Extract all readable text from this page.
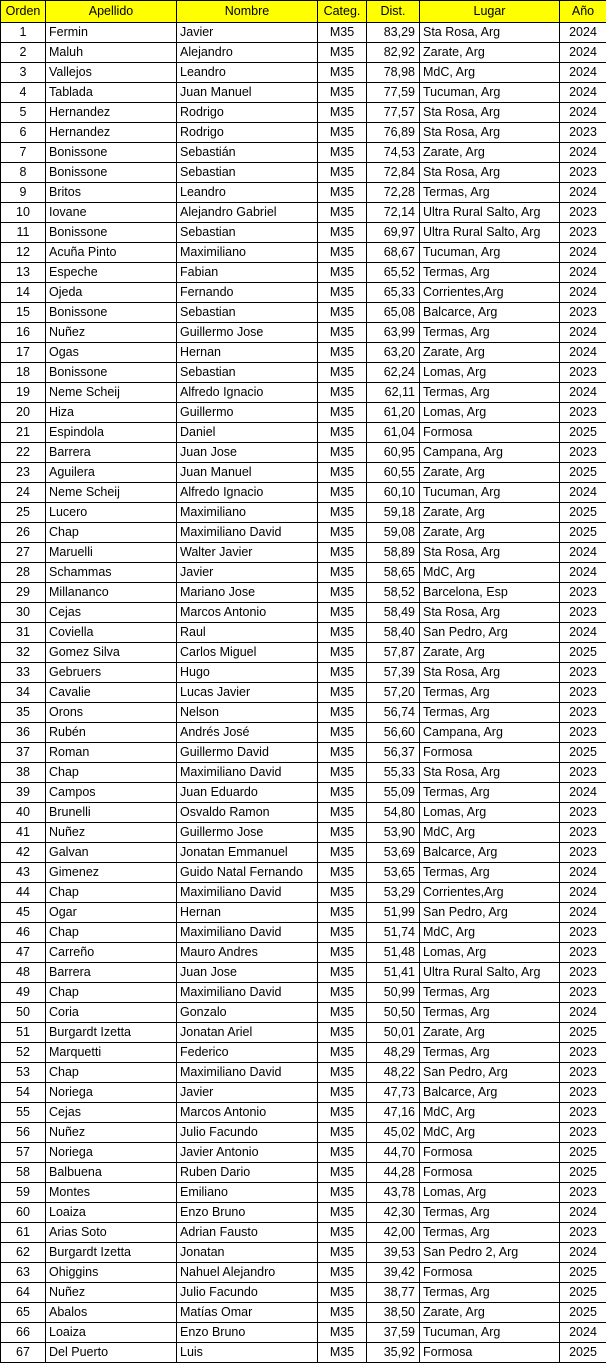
Orden	Apellido	Nombre	Categ.	Dist.	Lugar	Año
1	Fermin	Javier	M35	83,29	Sta Rosa, Arg	2024
2	Maluh	Alejandro	M35	82,92	Zarate, Arg	2024
3	Vallejos	Leandro	M35	78,98	MdC, Arg	2024
4	Tablada	Juan Manuel	M35	77,59	Tucuman, Arg	2024
5	Hernandez	Rodrigo	M35	77,57	Sta Rosa, Arg	2024
6	Hernandez	Rodrigo	M35	76,89	Sta Rosa, Arg	2023
7	Bonissone	Sebastián	M35	74,53	Zarate, Arg	2024
8	Bonissone	Sebastian	M35	72,84	Sta Rosa, Arg	2023
9	Britos	Leandro	M35	72,28	Termas, Arg	2024
10	Iovane	Alejandro Gabriel	M35	72,14	Ultra Rural Salto, Arg	2023
11	Bonissone	Sebastian	M35	69,97	Ultra Rural Salto, Arg	2023
12	Acuña Pinto	Maximiliano	M35	68,67	Tucuman, Arg	2024
13	Espeche	Fabian	M35	65,52	Termas, Arg	2024
14	Ojeda	Fernando	M35	65,33	Corrientes,Arg	2024
15	Bonissone	Sebastian	M35	65,08	Balcarce, Arg	2023
16	Nuñez	Guillermo Jose	M35	63,99	Termas, Arg	2024
17	Ogas	Hernan	M35	63,20	Zarate, Arg	2024
18	Bonissone	Sebastian	M35	62,24	Lomas, Arg	2023
19	Neme Scheij	Alfredo Ignacio	M35	62,11	Termas, Arg	2024
20	Hiza	Guillermo	M35	61,20	Lomas, Arg	2023
21	Espindola	Daniel	M35	61,04	Formosa	2025
22	Barrera	Juan Jose	M35	60,95	Campana, Arg	2023
23	Aguilera	Juan Manuel	M35	60,55	Zarate, Arg	2025
24	Neme Scheij	Alfredo Ignacio	M35	60,10	Tucuman, Arg	2024
25	Lucero	Maximiliano	M35	59,18	Zarate, Arg	2025
26	Chap	Maximiliano David	M35	59,08	Zarate, Arg	2025
27	Maruelli	Walter Javier	M35	58,89	Sta Rosa, Arg	2024
28	Schammas	Javier	M35	58,65	MdC, Arg	2024
29	Millananco	Mariano Jose	M35	58,52	Barcelona, Esp	2023
30	Cejas	Marcos Antonio	M35	58,49	Sta Rosa, Arg	2023
31	Coviella	Raul	M35	58,40	San Pedro, Arg	2024
32	Gomez Silva	Carlos Miguel	M35	57,87	Zarate, Arg	2025
33	Gebruers	Hugo	M35	57,39	Sta Rosa, Arg	2023
34	Cavalie	Lucas Javier	M35	57,20	Termas, Arg	2023
35	Orons	Nelson	M35	56,74	Termas, Arg	2023
36	Rubén	Andrés José	M35	56,60	Campana, Arg	2023
37	Roman	Guillermo David	M35	56,37	Formosa	2025
38	Chap	Maximiliano David	M35	55,33	Sta Rosa, Arg	2023
39	Campos	Juan Eduardo	M35	55,09	Termas, Arg	2024
40	Brunelli	Osvaldo Ramon	M35	54,80	Lomas, Arg	2023
41	Nuñez	Guillermo Jose	M35	53,90	MdC, Arg	2023
42	Galvan	Jonatan Emmanuel	M35	53,69	Balcarce, Arg	2023
43	Gimenez	Guido Natal Fernando	M35	53,65	Termas, Arg	2024
44	Chap	Maximiliano David	M35	53,29	Corrientes,Arg	2024
45	Ogar	Hernan	M35	51,99	San Pedro, Arg	2024
46	Chap	Maximiliano David	M35	51,74	MdC, Arg	2023
47	Carreño	Mauro Andres	M35	51,48	Lomas, Arg	2023
48	Barrera	Juan Jose	M35	51,41	Ultra Rural Salto, Arg	2023
49	Chap	Maximiliano David	M35	50,99	Termas, Arg	2023
50	Coria	Gonzalo	M35	50,50	Termas, Arg	2024
51	Burgardt Izetta	Jonatan Ariel	M35	50,01	Zarate, Arg	2025
52	Marquetti	Federico	M35	48,29	Termas, Arg	2023
53	Chap	Maximiliano David	M35	48,22	San Pedro, Arg	2023
54	Noriega	Javier	M35	47,73	Balcarce, Arg	2023
55	Cejas	Marcos Antonio	M35	47,16	MdC, Arg	2023
56	Nuñez	Julio Facundo	M35	45,02	MdC, Arg	2023
57	Noriega	Javier Antonio	M35	44,70	Formosa	2025
58	Balbuena	Ruben Dario	M35	44,28	Formosa	2025
59	Montes	Emiliano	M35	43,78	Lomas, Arg	2023
60	Loaiza	Enzo Bruno	M35	42,30	Termas, Arg	2024
61	Arias Soto	Adrian Fausto	M35	42,00	Termas, Arg	2023
62	Burgardt Izetta	Jonatan	M35	39,53	San Pedro 2, Arg	2024
63	Ohiggins	Nahuel Alejandro	M35	39,42	Formosa	2025
64	Nuñez	Julio Facundo	M35	38,77	Termas, Arg	2025
65	Abalos	Matías Omar	M35	38,50	Zarate, Arg	2025
66	Loaiza	Enzo Bruno	M35	37,59	Tucuman, Arg	2024
67	Del Puerto	Luis	M35	35,92	Formosa	2025
